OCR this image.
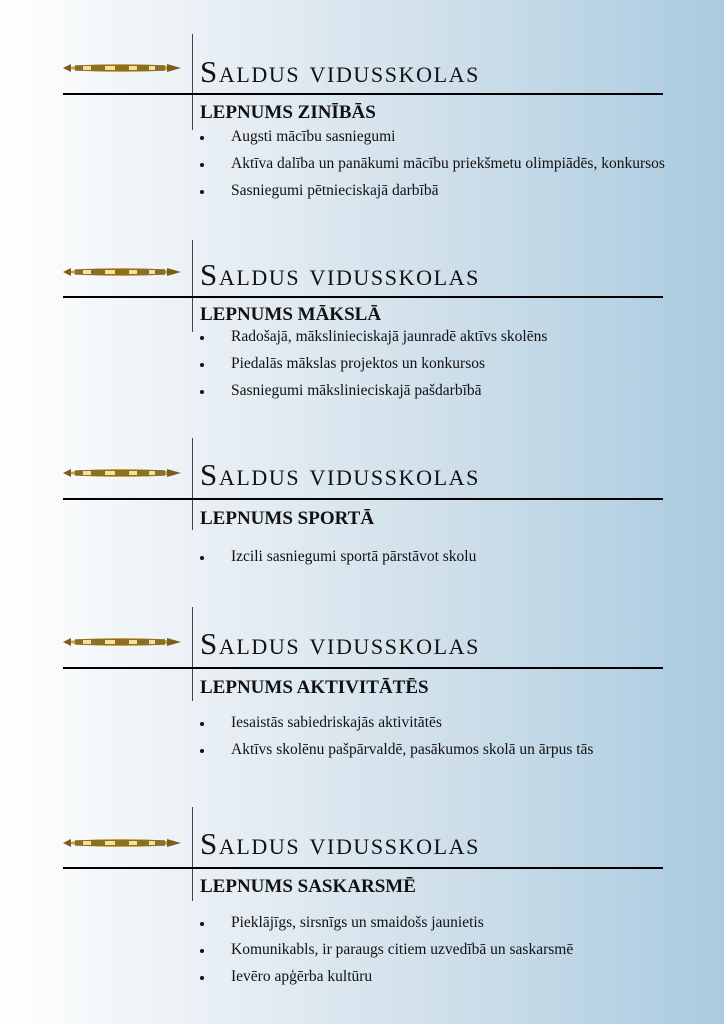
Saldus vidusskolas
LEPNUMS ZINĪBĀS
Augsti mācību sasniegumi
Aktīva dalība un panākumi mācību priekšmetu olimpiādēs, konkursos
Sasniegumi pētnieciskajā darbībā
Saldus vidusskolas
LEPNUMS MĀKSLĀ
Radošajā, mākslinieciskajā jaunradē aktīvs skolēns
Piedalās mākslas projektos un konkursos
Sasniegumi mākslinieciskajā pašdarbībā
Saldus vidusskolas
LEPNUMS SPORTĀ
Izcili sasniegumi sportā pārstāvot skolu
Saldus vidusskolas
LEPNUMS AKTIVITĀTĒS
Iesaistās sabiedriskajās aktivitātēs
Aktīvs skolēnu pašpārvaldē, pasākumos skolā un ārpus tās
Saldus vidusskolas
LEPNUMS SASKARSMĒ
Pieklājīgs, sirsnīgs un smaidošs jaunietis
Komunikabls, ir paraugs citiem uzvedībā un saskarsmē
Ievēro apģērba kultūru
